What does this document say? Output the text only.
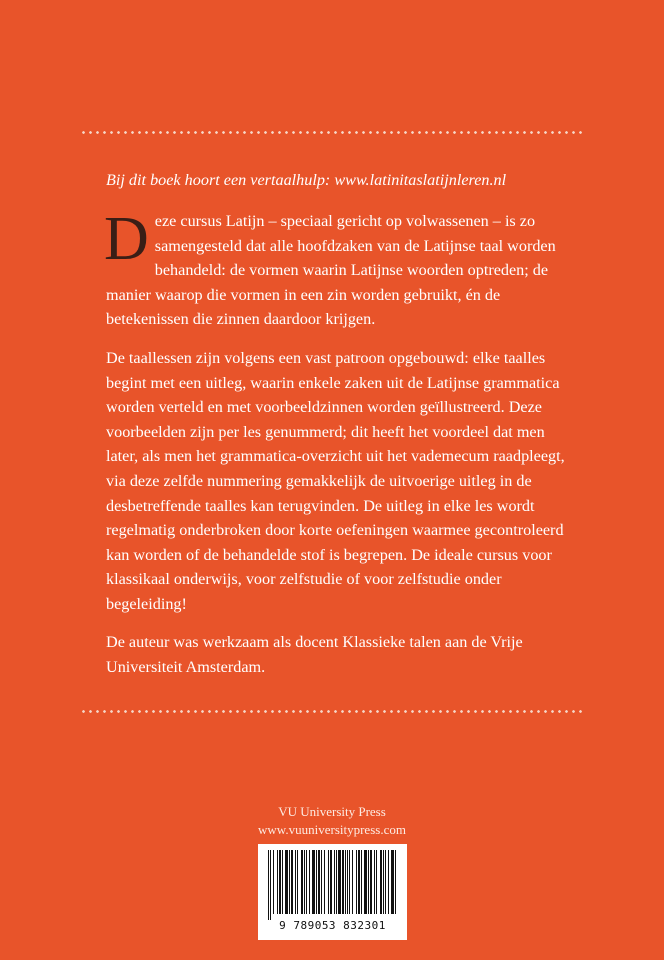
Bij dit boek hoort een vertaalhulp: www.latinitaslatijnleren.nl

Deze cursus Latijn – speciaal gericht op volwassenen – is zo samengesteld dat alle hoofdzaken van de Latijnse taal worden behandeld: de vormen waarin Latijnse woorden optreden; de manier waarop die vormen in een zin worden gebruikt, én de betekenissen die zinnen daardoor krijgen.

De taallessen zijn volgens een vast patroon opgebouwd: elke taalles begint met een uitleg, waarin enkele zaken uit de Latijnse grammatica worden verteld en met voorbeeldzinnen worden geïllustreerd. Deze voorbeelden zijn per les genummerd; dit heeft het voordeel dat men later, als men het grammatica-overzicht uit het vademecum raadpleegt, via deze zelfde nummering gemakkelijk de uitvoerige uitleg in de desbetreffende taalles kan terugvinden. De uitleg in elke les wordt regelmatig onderbroken door korte oefeningen waarmee gecontroleerd kan worden of de behandelde stof is begrepen. De ideale cursus voor klassikaal onderwijs, voor zelfstudie of voor zelfstudie onder begeleiding!

De auteur was werkzaam als docent Klassieke talen aan de Vrije Universiteit Amsterdam.

VU University Press
www.vuuniversitypress.com
9 789053 832301
